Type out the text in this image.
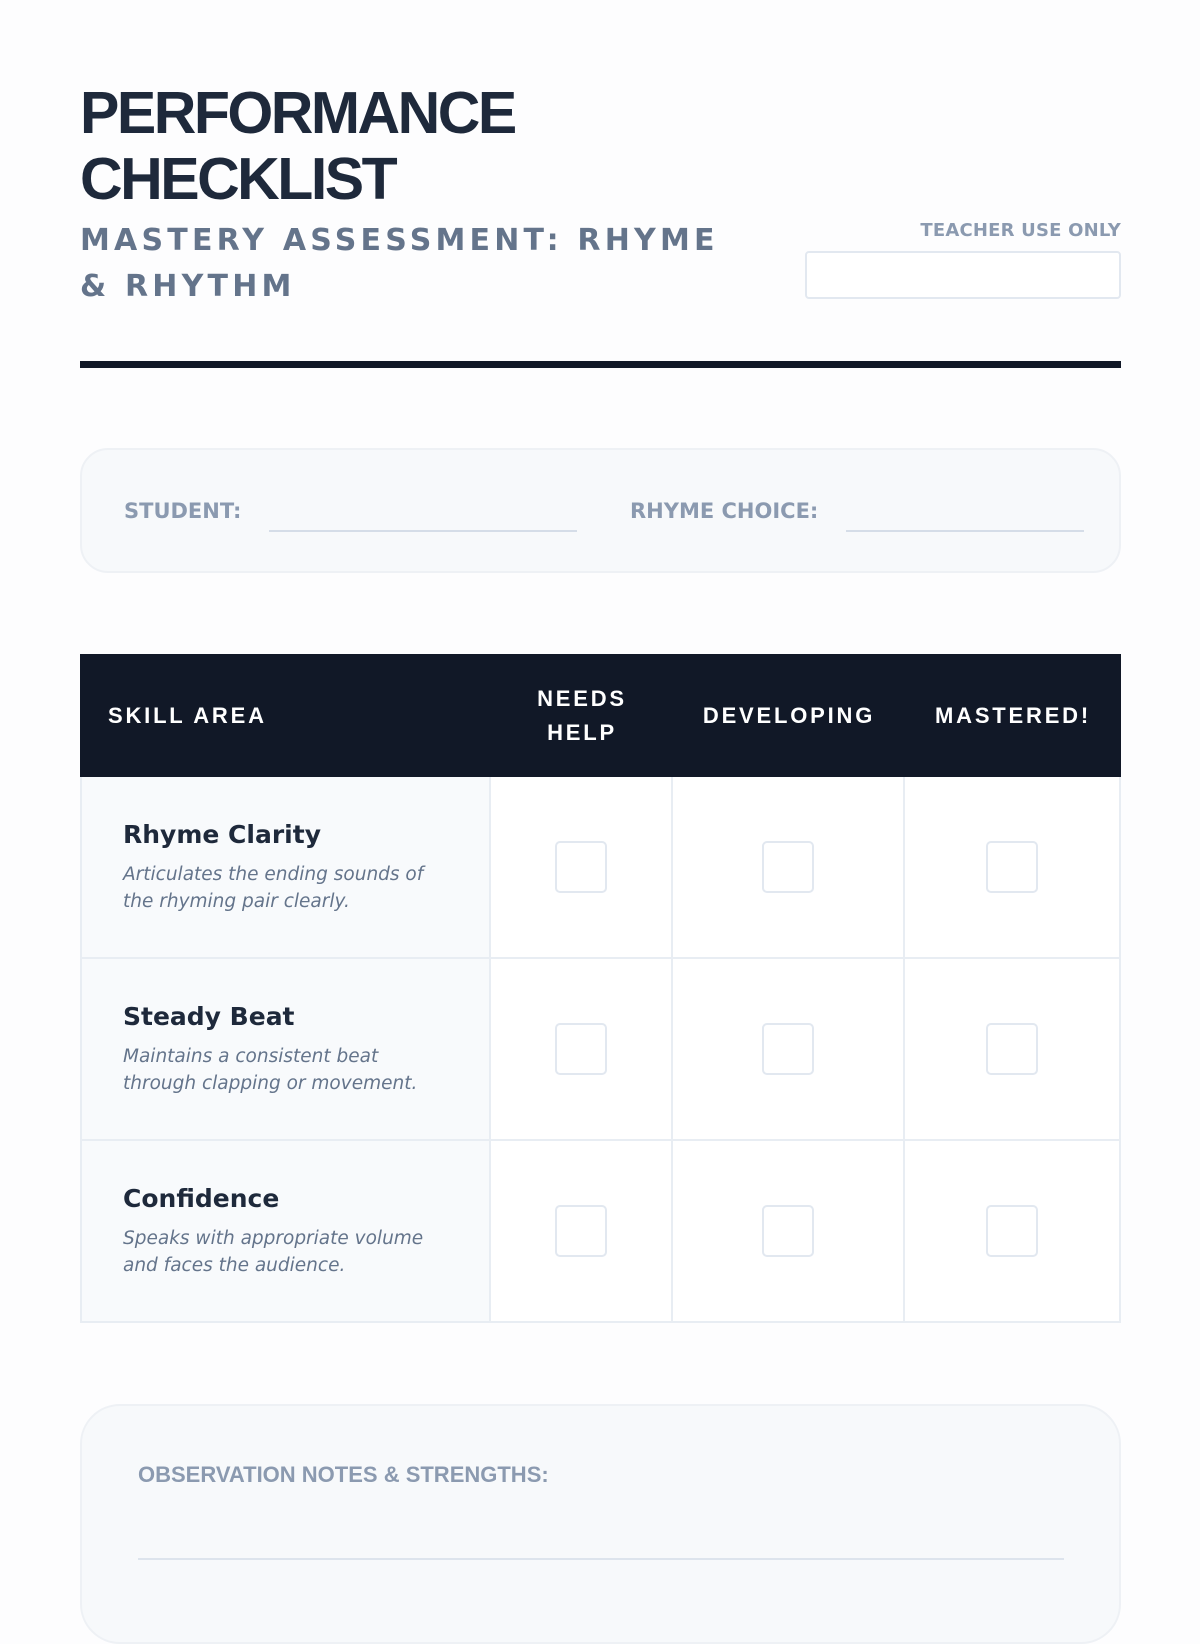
PERFORMANCE CHECKLIST
MASTERY ASSESSMENT: RHYME & RHYTHM
TEACHER USE ONLY
STUDENT:	RHYME CHOICE:
SKILL AREA
NEEDS HELP
DEVELOPING	MASTERED!

Rhyme Clarity

Articulates the ending sounds of the rhyming pair clearly.

Steady Beat

Maintains a consistent beat through clapping or movement.

Confidence

Speaks with appropriate volume and faces the audience.

OBSERVATION NOTES & STRENGTHS:
